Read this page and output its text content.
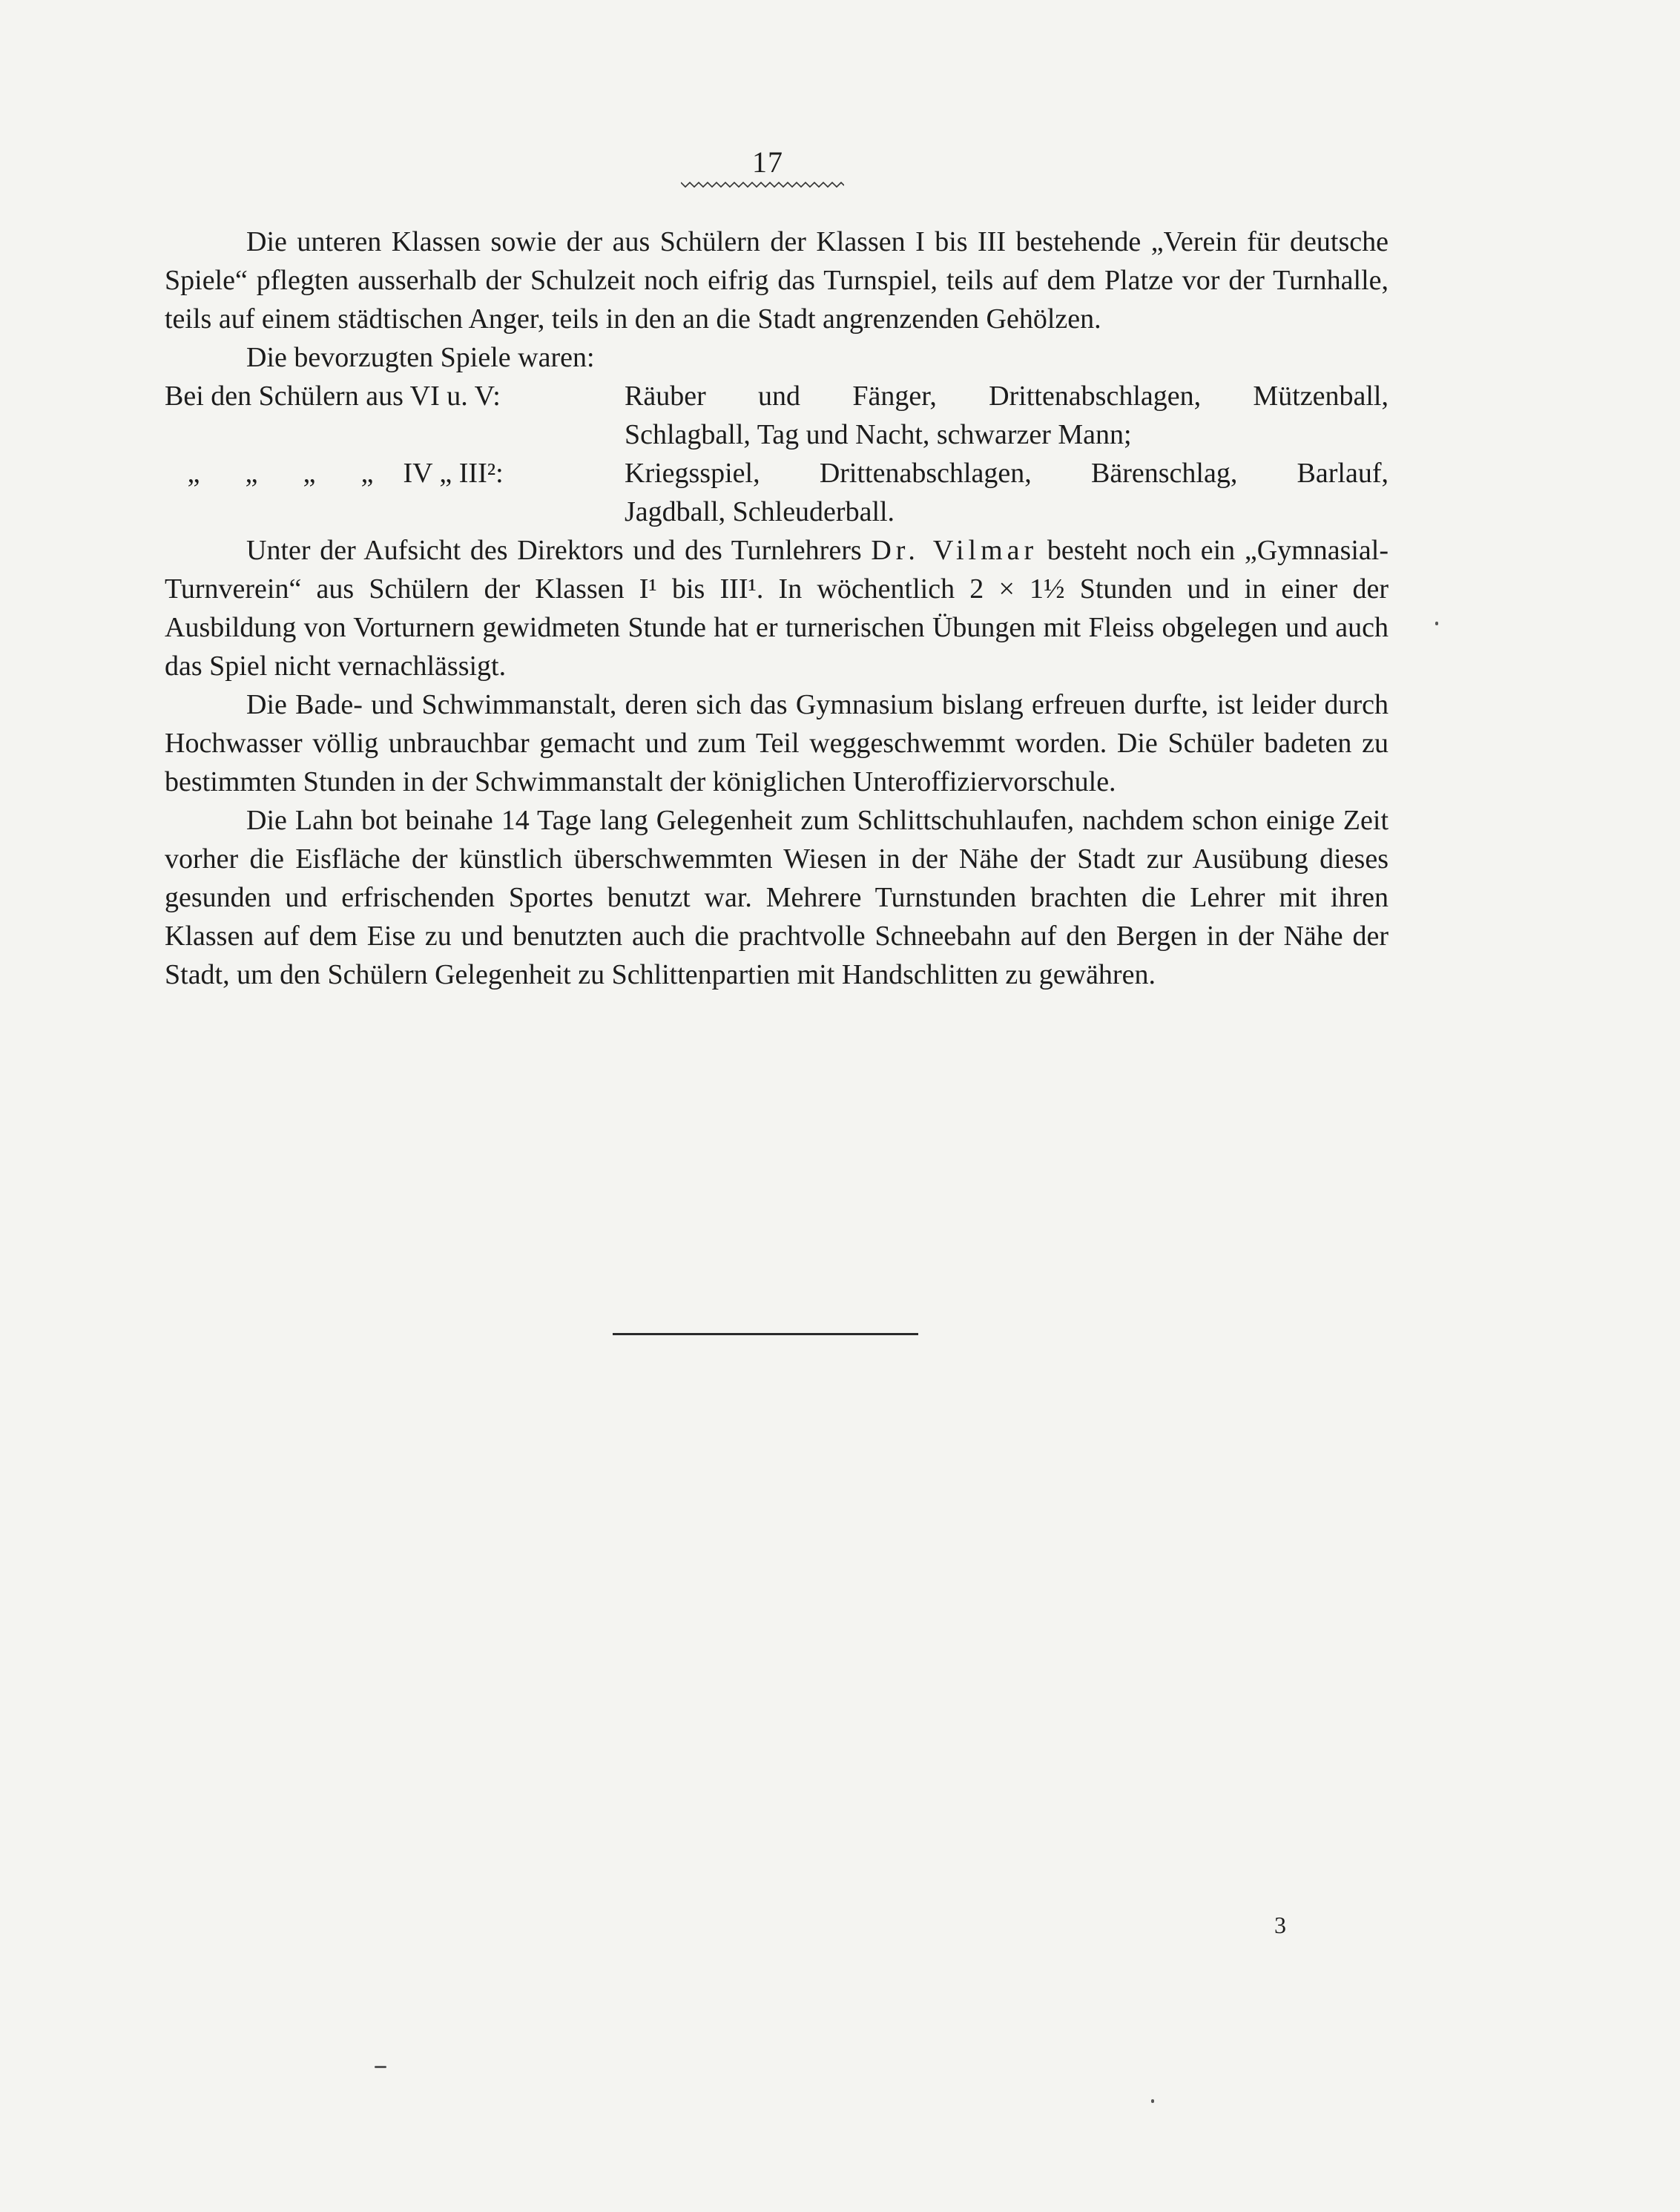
17

Die unteren Klassen sowie der aus Schülern der Klassen I bis III bestehende „Verein für deutsche Spiele“ pflegten ausserhalb der Schulzeit noch eifrig das Turnspiel, teils auf dem Platze vor der Turnhalle, teils auf einem städtischen Anger, teils in den an die Stadt angrenzenden Gehölzen.

Die bevorzugten Spiele waren:

Bei den Schülern aus VI u. V:	Räuber und Fänger, Drittenabschlagen, Mützenball,
Schlagball, Tag und Nacht, schwarzer Mann;
„ „ „ „ IV „ III²:	Kriegsspiel, Drittenabschlagen, Bärenschlag, Barlauf,
Jagdball, Schleuderball.

Unter der Aufsicht des Direktors und des Turnlehrers Dr. Vilmar besteht noch ein „Gymnasial-Turnverein“ aus Schülern der Klassen I¹ bis III¹. In wöchentlich 2 × 1½ Stunden und in einer der Ausbildung von Vorturnern gewidmeten Stunde hat er turnerischen Übungen mit Fleiss obgelegen und auch das Spiel nicht vernachlässigt.

Die Bade- und Schwimmanstalt, deren sich das Gymnasium bislang erfreuen durfte, ist leider durch Hochwasser völlig unbrauchbar gemacht und zum Teil weggeschwemmt worden. Die Schüler badeten zu bestimmten Stunden in der Schwimmanstalt der königlichen Unteroffiziervorschule.

Die Lahn bot beinahe 14 Tage lang Gelegenheit zum Schlittschuhlaufen, nachdem schon einige Zeit vorher die Eisfläche der künstlich überschwemmten Wiesen in der Nähe der Stadt zur Ausübung dieses gesunden und erfrischenden Sportes benutzt war. Mehrere Turnstunden brachten die Lehrer mit ihren Klassen auf dem Eise zu und benutzten auch die prachtvolle Schneebahn auf den Bergen in der Nähe der Stadt, um den Schülern Gelegenheit zu Schlittenpartien mit Handschlitten zu gewähren.

3
